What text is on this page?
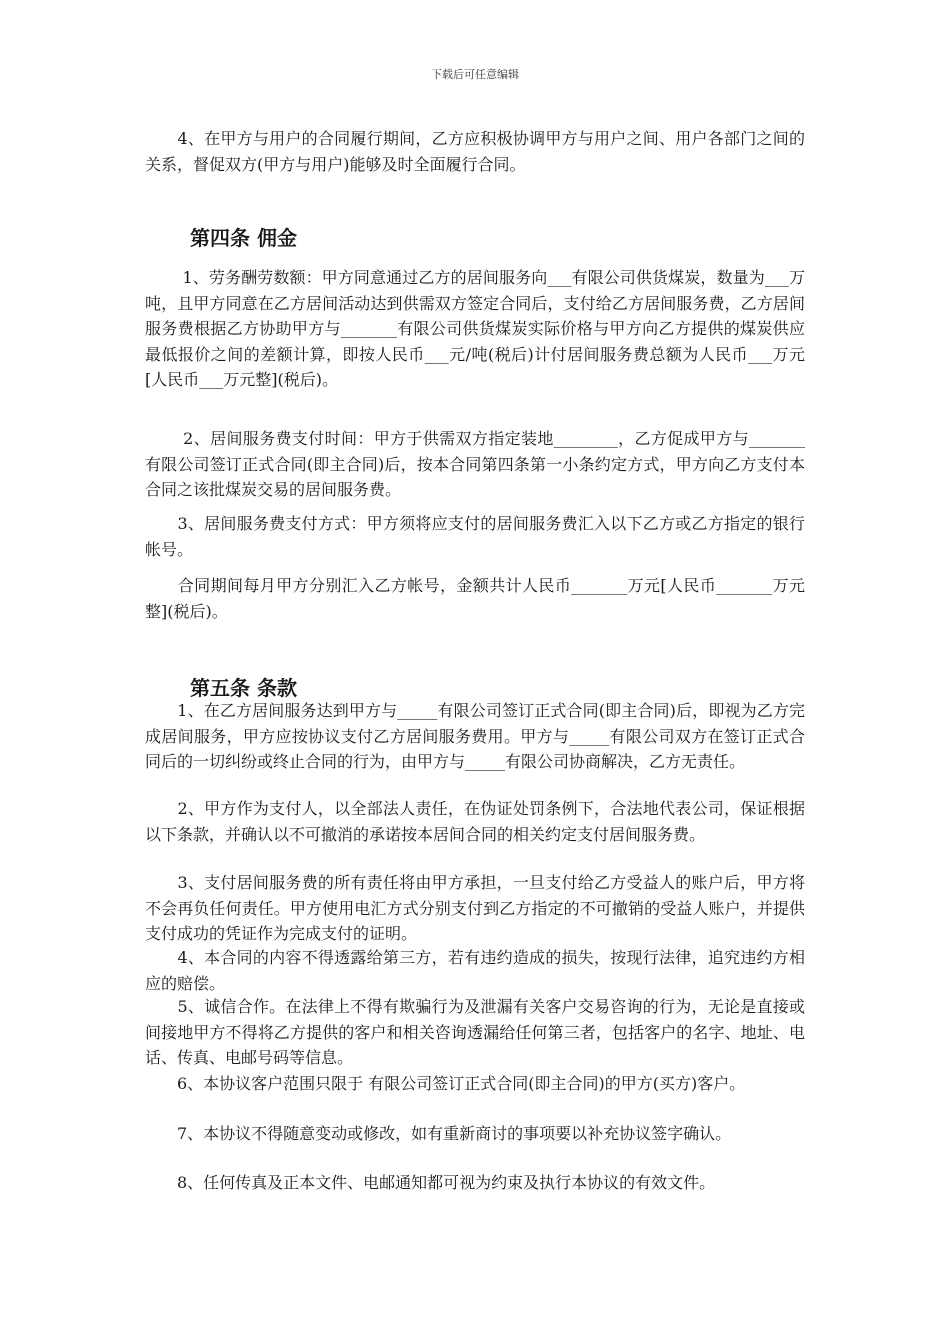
下载后可任意编辑

　　4、在甲方与用户的合同履行期间，乙方应积极协调甲方与用户之间、用户各部门之间的关系，督促双方(甲方与用户)能够及时全面履行合同。

第四条 佣金

　　 1、劳务酬劳数额：甲方同意通过乙方的居间服务向___有限公司供货煤炭，数量为___万吨，且甲方同意在乙方居间活动达到供需双方签定合同后，支付给乙方居间服务费，乙方居间服务费根据乙方协助甲方与_______有限公司供货煤炭实际价格与甲方向乙方提供的煤炭供应最低报价之间的差额计算，即按人民币___元/吨(税后)计付居间服务费总额为人民币___万元[人民币___万元整](税后)。

　　 2、居间服务费支付时间：甲方于供需双方指定装地________，乙方促成甲方与_______有限公司签订正式合同(即主合同)后，按本合同第四条第一小条约定方式，甲方向乙方支付本合同之该批煤炭交易的居间服务费。

　　3、居间服务费支付方式：甲方须将应支付的居间服务费汇入以下乙方或乙方指定的银行帐号。

　　合同期间每月甲方分别汇入乙方帐号，金额共计人民币_______万元[人民币_______万元整](税后)。

第五条 条款

　　1、在乙方居间服务达到甲方与_____有限公司签订正式合同(即主合同)后，即视为乙方完成居间服务，甲方应按协议支付乙方居间服务费用。甲方与_____有限公司双方在签订正式合同后的一切纠纷或终止合同的行为，由甲方与_____有限公司协商解决，乙方无责任。

　　2、甲方作为支付人，以全部法人责任，在伪证处罚条例下，合法地代表公司，保证根据以下条款，并确认以不可撤消的承诺按本居间合同的相关约定支付居间服务费。

　　3、支付居间服务费的所有责任将由甲方承担，一旦支付给乙方受益人的账户后，甲方将不会再负任何责任。甲方使用电汇方式分别支付到乙方指定的不可撤销的受益人账户，并提供支付成功的凭证作为完成支付的证明。

　　4、本合同的内容不得透露给第三方，若有违约造成的损失，按现行法律，追究违约方相应的赔偿。

　　5、诚信合作。在法律上不得有欺骗行为及泄漏有关客户交易咨询的行为，无论是直接或间接地甲方不得将乙方提供的客户和相关咨询透漏给任何第三者，包括客户的名字、地址、电话、传真、电邮号码等信息。

　　6、本协议客户范围只限于 有限公司签订正式合同(即主合同)的甲方(买方)客户。

　　7、本协议不得随意变动或修改，如有重新商讨的事项要以补充协议签字确认。

　　8、任何传真及正本文件、电邮通知都可视为约束及执行本协议的有效文件。
